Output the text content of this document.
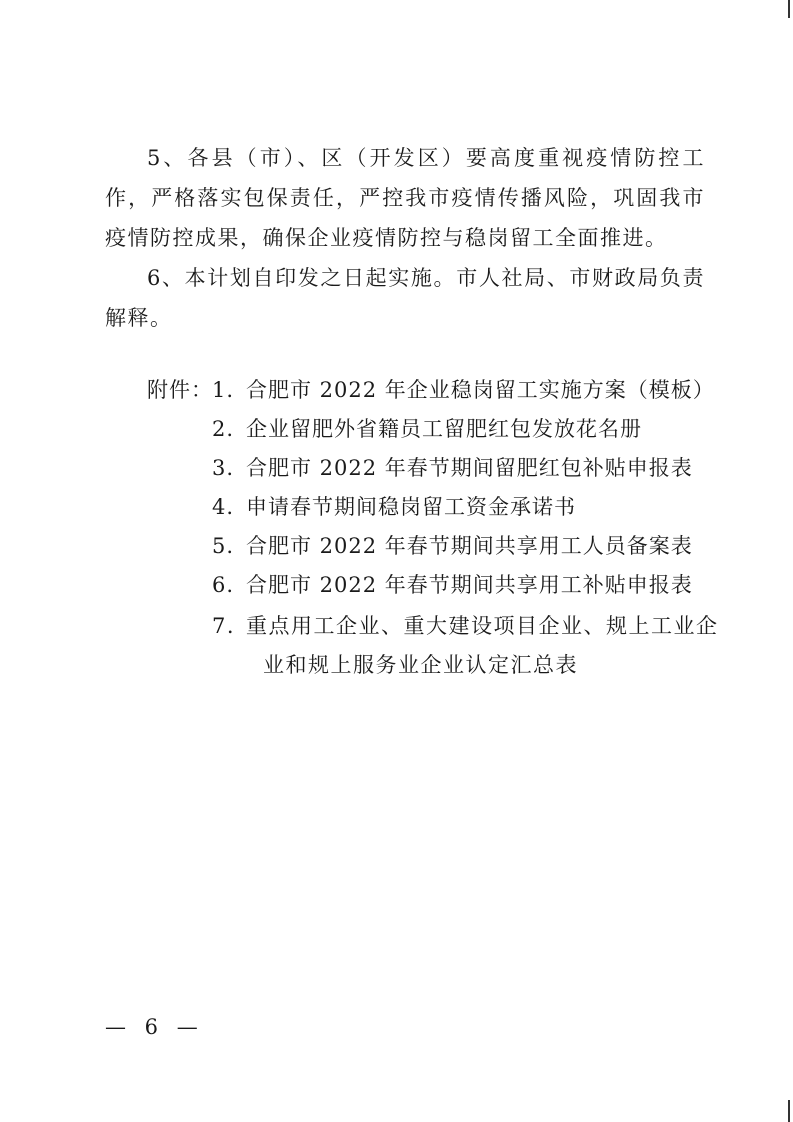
5、各县（市）、区（开发区）要高度重视疫情防控工作，严格落实包保责任，严控我市疫情传播风险，巩固我市疫情防控成果，确保企业疫情防控与稳岗留工全面推进。

6、本计划自印发之日起实施。市人社局、市财政局负责解释。

附件： 1. 合肥市 2022 年企业稳岗留工实施方案（模板）
2. 企业留肥外省籍员工留肥红包发放花名册
3. 合肥市 2022 年春节期间留肥红包补贴申报表
4. 申请春节期间稳岗留工资金承诺书
5. 合肥市 2022 年春节期间共享用工人员备案表
6. 合肥市 2022 年春节期间共享用工补贴申报表
7. 重点用工企业、重大建设项目企业、规上工业企
业和规上服务业企业认定汇总表
— 6 —
